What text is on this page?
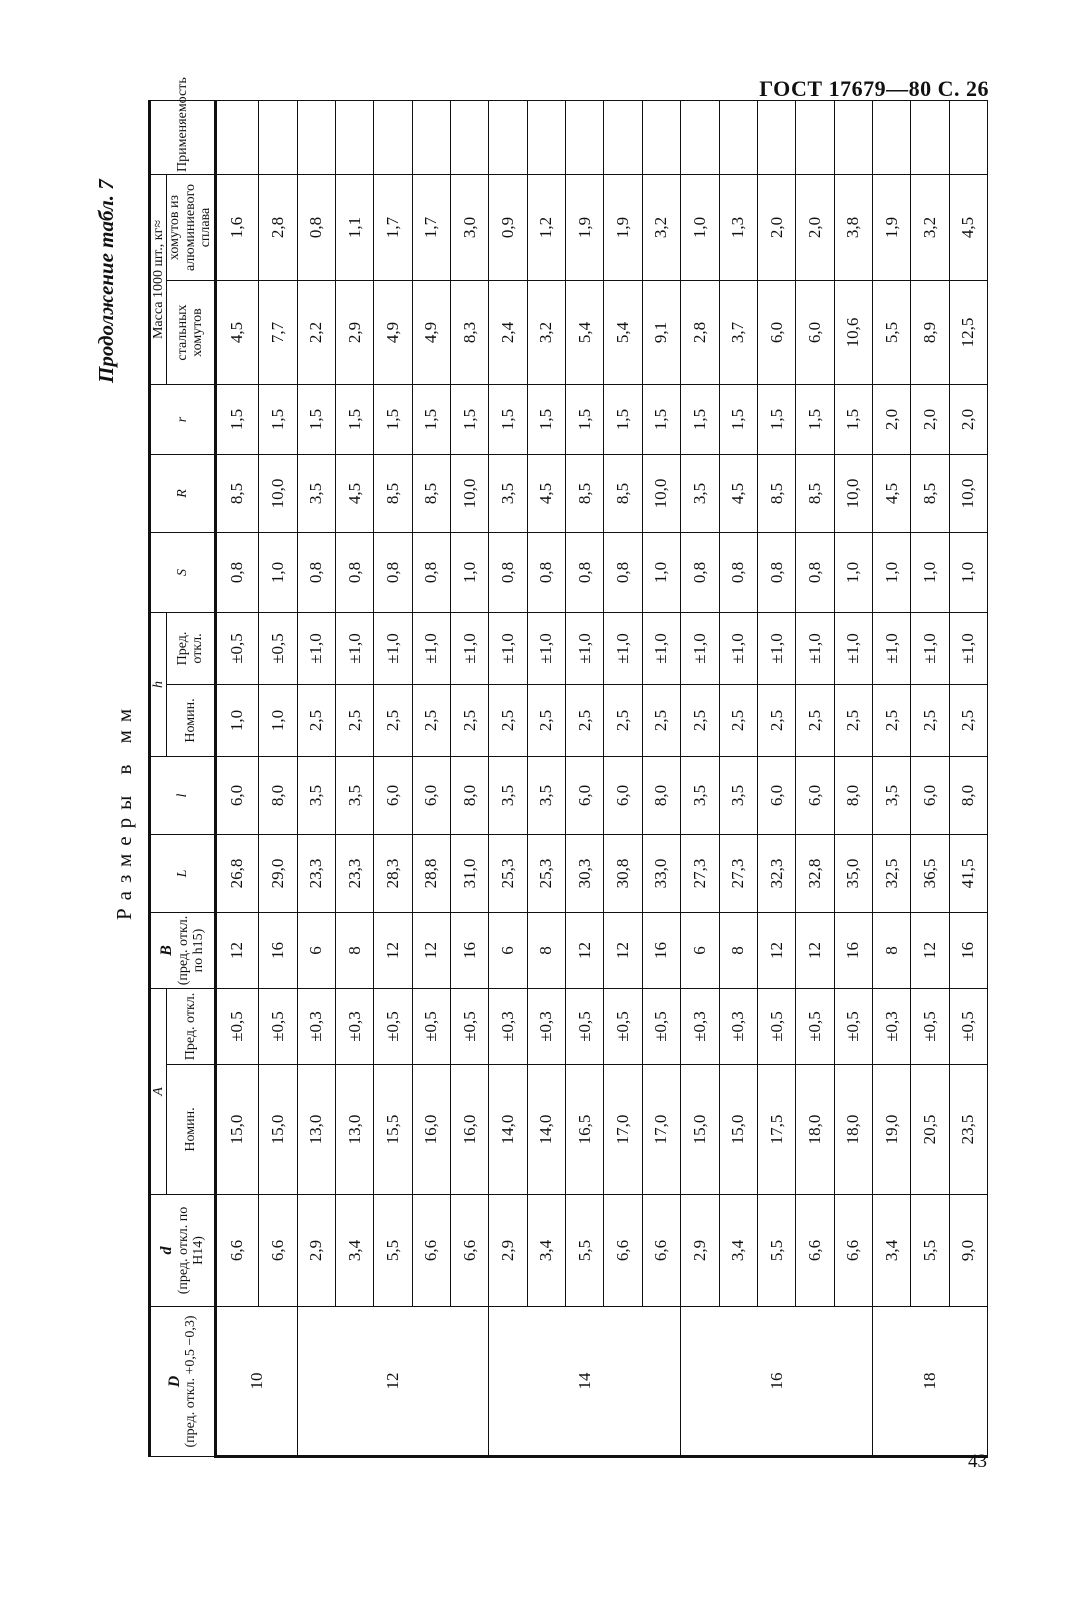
ГОСТ 17679—80 С. 26
Продолжение табл. 7
Размеры в мм
D (пред. откл. +0,5 −0,3)

d (пред. откл. по H14)
	A	
B (пред. откл. по h15)
	L	l	h	S	R	r	Масса 1000 шт., кг≈	Применяемость
		Номин.	Пред. откл.				Номин.	Пред. откл.				стальных хомутов	хомутов из алюминиевого сплава	
10	6,6	15,0	±0,5	12	26,8	6,0	1,0	±0,5	0,8	8,5	1,5	4,5	1,6	
	6,6	15,0	±0,5	16	29,0	8,0	1,0	±0,5	1,0	10,0	1,5	7,7	2,8	
12	2,9	13,0	±0,3	6	23,3	3,5	2,5	±1,0	0,8	3,5	1,5	2,2	0,8	
	3,4	13,0	±0,3	8	23,3	3,5	2,5	±1,0	0,8	4,5	1,5	2,9	1,1	
	5,5	15,5	±0,5	12	28,3	6,0	2,5	±1,0	0,8	8,5	1,5	4,9	1,7	
	6,6	16,0	±0,5	12	28,8	6,0	2,5	±1,0	0,8	8,5	1,5	4,9	1,7	
	6,6	16,0	±0,5	16	31,0	8,0	2,5	±1,0	1,0	10,0	1,5	8,3	3,0	
14	2,9	14,0	±0,3	6	25,3	3,5	2,5	±1,0	0,8	3,5	1,5	2,4	0,9	
	3,4	14,0	±0,3	8	25,3	3,5	2,5	±1,0	0,8	4,5	1,5	3,2	1,2	
	5,5	16,5	±0,5	12	30,3	6,0	2,5	±1,0	0,8	8,5	1,5	5,4	1,9	
	6,6	17,0	±0,5	12	30,8	6,0	2,5	±1,0	0,8	8,5	1,5	5,4	1,9	
	6,6	17,0	±0,5	16	33,0	8,0	2,5	±1,0	1,0	10,0	1,5	9,1	3,2	
16	2,9	15,0	±0,3	6	27,3	3,5	2,5	±1,0	0,8	3,5	1,5	2,8	1,0	
	3,4	15,0	±0,3	8	27,3	3,5	2,5	±1,0	0,8	4,5	1,5	3,7	1,3	
	5,5	17,5	±0,5	12	32,3	6,0	2,5	±1,0	0,8	8,5	1,5	6,0	2,0	
	6,6	18,0	±0,5	12	32,8	6,0	2,5	±1,0	0,8	8,5	1,5	6,0	2,0	
	6,6	18,0	±0,5	16	35,0	8,0	2,5	±1,0	1,0	10,0	1,5	10,6	3,8	
18	3,4	19,0	±0,3	8	32,5	3,5	2,5	±1,0	1,0	4,5	2,0	5,5	1,9	
	5,5	20,5	±0,5	12	36,5	6,0	2,5	±1,0	1,0	8,5	2,0	8,9	3,2	
	9,0	23,5	±0,5	16	41,5	8,0	2,5	±1,0	1,0	10,0	2,0	12,5	4,5	
43
